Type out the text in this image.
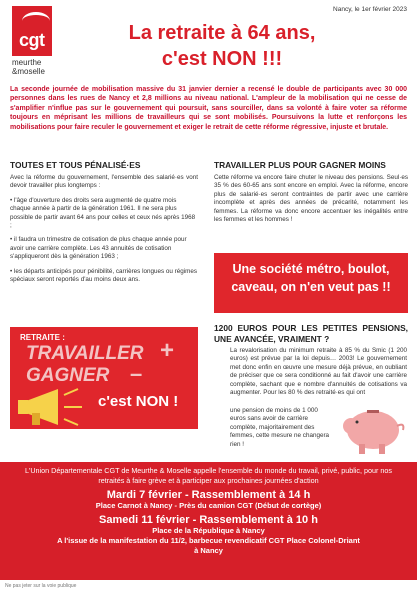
cgt
meurthe
&moselle
Nancy, le 1er février 2023
La retraite à 64 ans,
c'est NON !!!
La seconde journée de mobilisation massive du 31 janvier dernier a recensé le double de participants avec 30 000 personnes dans les rues de Nancy et 2,8 millions au niveau national. L'ampleur de la mobilisation qui ne cesse de s'amplifier n'influe pas sur le gouvernement qui poursuit, sans sourciller, dans sa volonté à faire voter sa réforme toujours en méprisant les millions de travailleurs qui se sont mobilisés. Poursuivons la lutte et renforçons les mobilisations pour faire reculer le gouvernement et exiger le retrait de cette réforme régressive, injuste et brutale.
TOUTES ET TOUS PÉNALISÉ·ES
Avec la réforme du gouvernement, l'ensemble des salarié·es vont devoir travailler plus longtemps :
• l'âge d'ouverture des droits sera augmenté de quatre mois chaque année à partir de la génération 1961. Il ne sera plus possible de partir avant 64 ans pour celles et ceux nés après 1968 ;
• il faudra un trimestre de cotisation de plus chaque année pour avoir une carrière complète. Les 43 annuités de cotisation s'appliqueront dès la génération 1963 ;
• les départs anticipés pour pénibilité, carrières longues ou régimes spéciaux seront reportés d'au moins deux ans.
RETRAITE :
TRAVAILLER +
GAGNER –
c'est NON !
TRAVAILLER PLUS POUR GAGNER MOINS
Cette réforme va encore faire chuter le niveau des pensions. Seul·es 35 % des 60-65 ans sont encore en emploi. Avec la réforme, encore plus de salarié·es seront contraintes de partir avec une carrière incomplète et après des années de précarité, notamment les femmes. La réforme va donc encore accentuer les inégalités entre les femmes et les hommes !
Une société métro, boulot,
caveau, on n'en veut pas !!
1200 EUROS POUR LES PETITES PENSIONS, UNE AVANCÉE, VRAIMENT ?
La revalorisation du minimum retraite à 85 % du Smic (1 200 euros) est prévue par la loi depuis… 2003! Le gouvernement met donc enfin en œuvre une mesure déjà prévue, en oubliant de préciser que ce sera conditionné au fait d'avoir une carrière complète, sachant que e nombre d'annuités de cotisations va augmenter. Pour les 80 % des retraité·es qui ont
une pension de moins de 1 000 euros sans avoir de carrière complète, majoritairement des femmes, cette mesure ne changera rien !
L'Union Départementale CGT de Meurthe & Moselle appelle l'ensemble du monde du travail, privé, public, pour nos retraités à faire grève et à participer aux prochaines journées d'action
Mardi 7 février - Rassemblement à 14 h
Place Carnot à Nancy - Près du camion CGT (Début de cortège)
Samedi 11 février - Rassemblement à 10 h
Place de la République à Nancy
A l'issue de la manifestation du 11/2, barbecue revendicatif CGT Place Colonel-Driant
à Nancy
Ne pas jeter sur la voie publique
